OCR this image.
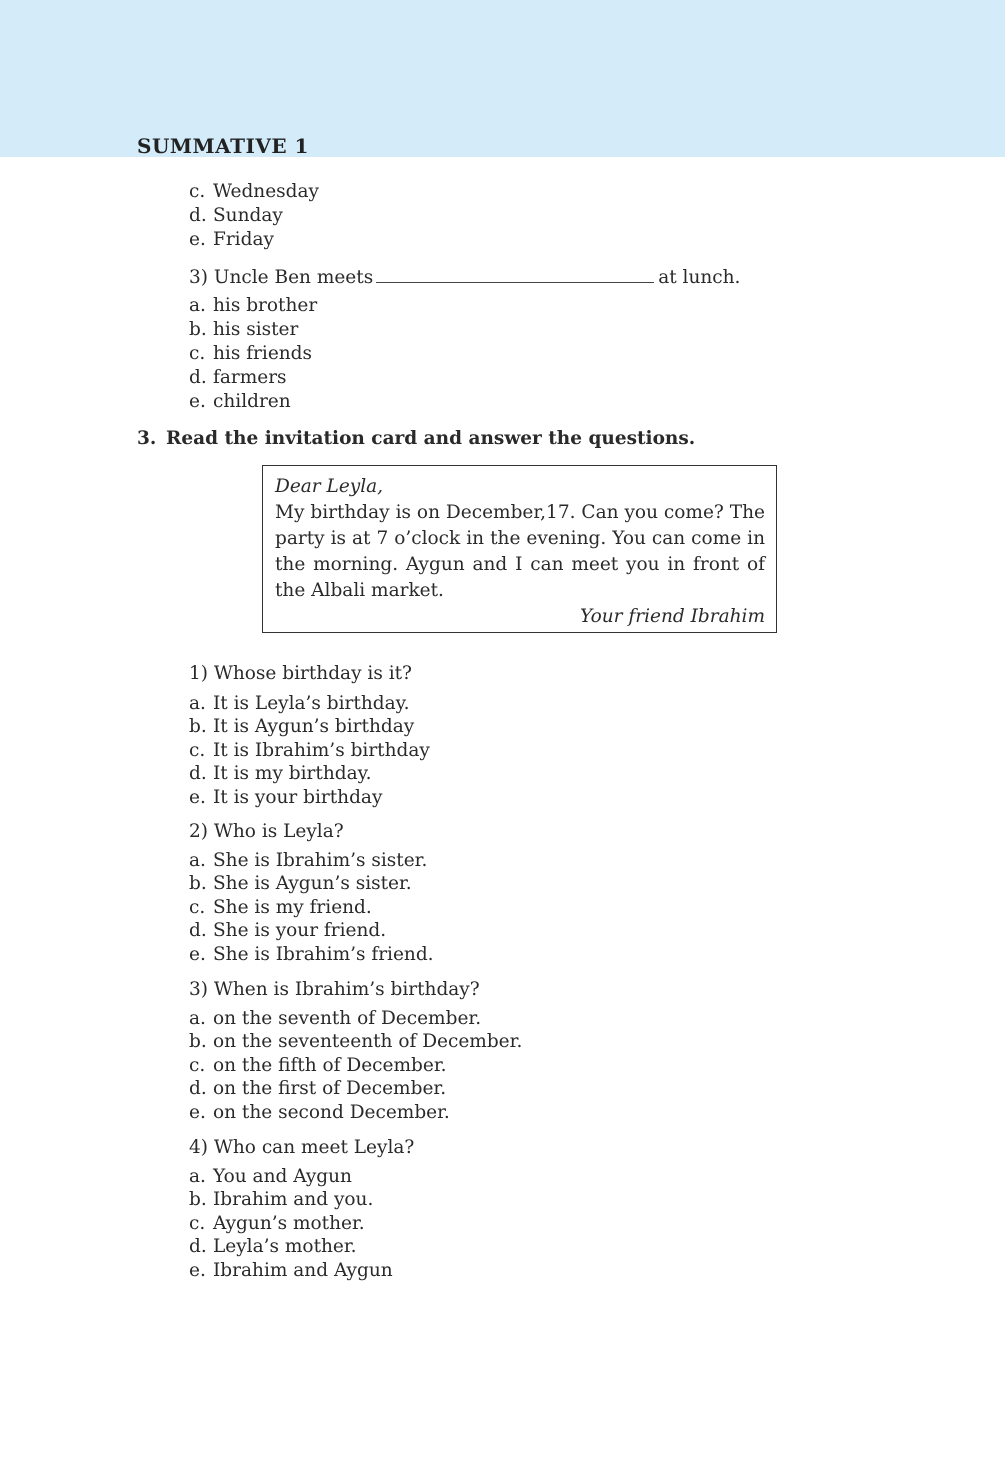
SUMMATIVE 1
c. Wednesday
d. Sunday
e. Friday

3) Uncle Ben meets	at lunch.

a. his brother
b. his sister
c. his friends
d. farmers
e. children

3. Read the invitation card and answer the questions.

Dear Leyla,

My birthday is on December,17. Can you come? The party is at 7 o’clock in the evening. You can come in the morning. Aygun and I can meet you in front of the Albali market.

Your friend Ibrahim

1) Whose birthday is it?

a. It is Leyla’s birthday.
b. It is Aygun’s birthday
c. It is Ibrahim’s birthday
d. It is my birthday.
e. It is your birthday

2) Who is Leyla?

a. She is Ibrahim’s sister.
b. She is Aygun’s sister.
c. She is my friend.
d. She is your friend.
e. She is Ibrahim’s friend.

3) When is Ibrahim’s birthday?

a. on the seventh of December.
b. on the seventeenth of December.
c. on the fifth of December.
d. on the first of December.
e. on the second December.

4) Who can meet Leyla?

a. You and Aygun
b. Ibrahim and you.
c. Aygun’s mother.
d. Leyla’s mother.
e. Ibrahim and Aygun
